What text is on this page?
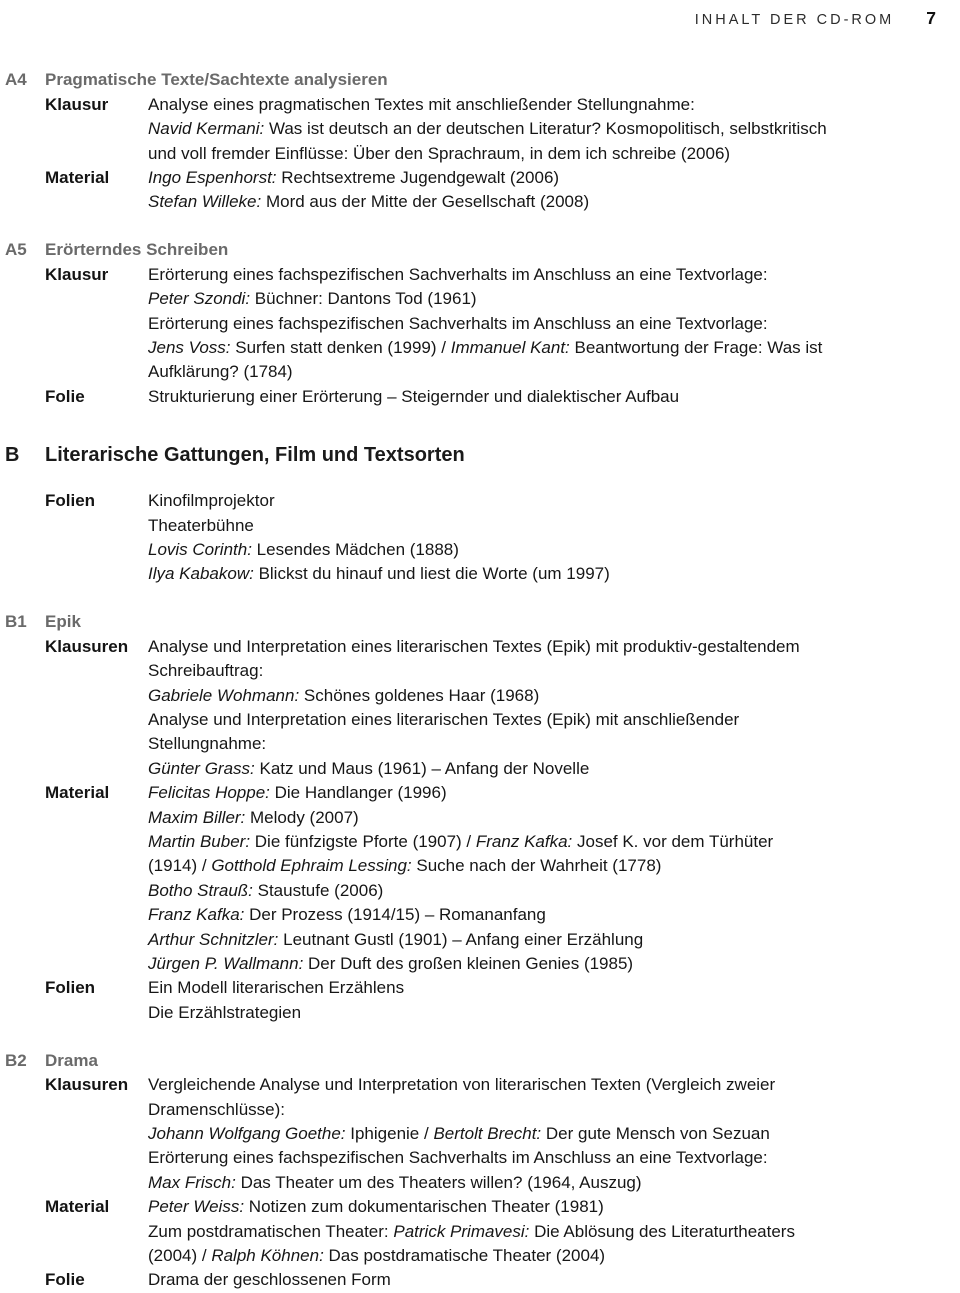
INHALT DER CD-ROM 7
A4	Pragmatische Texte/Sachtexte analysieren
Klausur	Analyse eines pragmatischen Textes mit anschließender Stellungnahme:
Navid Kermani: Was ist deutsch an der deutschen Literatur? Kosmopolitisch, selbstkritisch
und voll fremder Einflüsse: Über den Sprachraum, in dem ich schreibe (2006)
Material	Ingo Espenhorst: Rechtsextreme Jugendgewalt (2006)
Stefan Willeke: Mord aus der Mitte der Gesellschaft (2008)
A5	Erörterndes Schreiben
Klausur	Erörterung eines fachspezifischen Sachverhalts im Anschluss an eine Textvorlage:
Peter Szondi: Büchner: Dantons Tod (1961)
Erörterung eines fachspezifischen Sachverhalts im Anschluss an eine Textvorlage:
Jens Voss: Surfen statt denken (1999) / Immanuel Kant: Beantwortung der Frage: Was ist
Aufklärung? (1784)
Folie	Strukturierung einer Erörterung – Steigernder und dialektischer Aufbau
B	Literarische Gattungen, Film und Textsorten
Folien	Kinofilmprojektor
Theaterbühne
Lovis Corinth: Lesendes Mädchen (1888)
Ilya Kabakow: Blickst du hinauf und liest die Worte (um 1997)
B1	Epik
Klausuren	Analyse und Interpretation eines literarischen Textes (Epik) mit produktiv-gestaltendem
Schreibauftrag:
Gabriele Wohmann: Schönes goldenes Haar (1968)
Analyse und Interpretation eines literarischen Textes (Epik) mit anschließender
Stellungnahme:
Günter Grass: Katz und Maus (1961) – Anfang der Novelle
Material	Felicitas Hoppe: Die Handlanger (1996)
Maxim Biller: Melody (2007)
Martin Buber: Die fünfzigste Pforte (1907) / Franz Kafka: Josef K. vor dem Türhüter
(1914) / Gotthold Ephraim Lessing: Suche nach der Wahrheit (1778)
Botho Strauß: Staustufe (2006)
Franz Kafka: Der Prozess (1914/15) – Romananfang
Arthur Schnitzler: Leutnant Gustl (1901) – Anfang einer Erzählung
Jürgen P. Wallmann: Der Duft des großen kleinen Genies (1985)
Folien	Ein Modell literarischen Erzählens
Die Erzählstrategien
B2	Drama
Klausuren	Vergleichende Analyse und Interpretation von literarischen Texten (Vergleich zweier
Dramenschlüsse):
Johann Wolfgang Goethe: Iphigenie / Bertolt Brecht: Der gute Mensch von Sezuan
Erörterung eines fachspezifischen Sachverhalts im Anschluss an eine Textvorlage:
Max Frisch: Das Theater um des Theaters willen? (1964, Auszug)
Material	Peter Weiss: Notizen zum dokumentarischen Theater (1981)
Zum postdramatischen Theater: Patrick Primavesi: Die Ablösung des Literaturtheaters
(2004) / Ralph Köhnen: Das postdramatische Theater (2004)
Folie	Drama der geschlossenen Form
